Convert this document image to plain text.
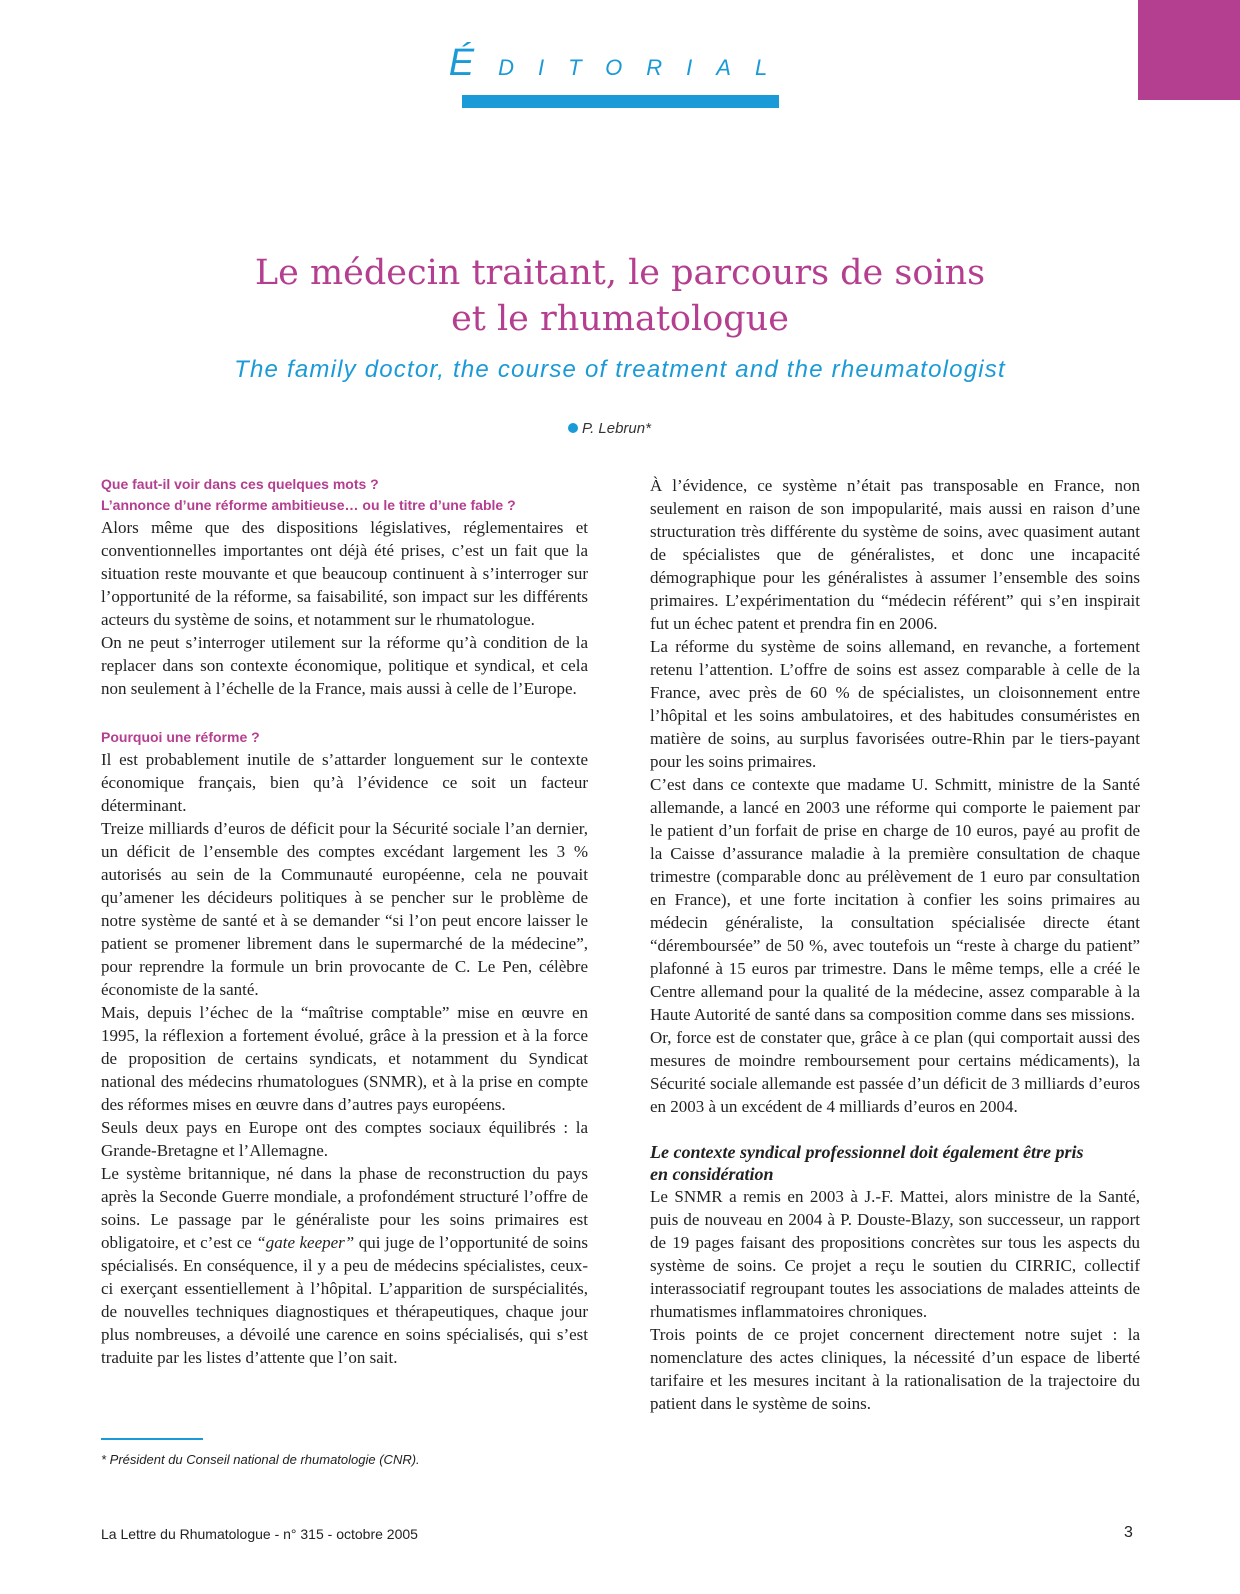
É DITORIAL
Le médecin traitant, le parcours de soins
et le rhumatologue
The family doctor, the course of treatment and the rheumatologist
P. Lebrun*
Que faut-il voir dans ces quelques mots ?
L’annonce d’une réforme ambitieuse… ou le titre d’une fable ?

Alors même que des dispositions législatives, réglementaires et conventionnelles importantes ont déjà été prises, c’est un fait que la situation reste mouvante et que beaucoup continuent à s’interroger sur l’opportunité de la réforme, sa faisabilité, son impact sur les différents acteurs du système de soins, et notamment sur le rhumatologue.

On ne peut s’interroger utilement sur la réforme qu’à condition de la replacer dans son contexte économique, politique et syndical, et cela non seulement à l’échelle de la France, mais aussi à celle de l’Europe.

Pourquoi une réforme ?

Il est probablement inutile de s’attarder longuement sur le contexte économique français, bien qu’à l’évidence ce soit un facteur déterminant.

Treize milliards d’euros de déficit pour la Sécurité sociale l’an dernier, un déficit de l’ensemble des comptes excédant largement les 3 % autorisés au sein de la Communauté européenne, cela ne pouvait qu’amener les décideurs politiques à se pencher sur le problème de notre système de santé et à se demander “si l’on peut encore laisser le patient se promener librement dans le supermarché de la médecine”, pour reprendre la formule un brin provocante de C. Le Pen, célèbre économiste de la santé.

Mais, depuis l’échec de la “maîtrise comptable” mise en œuvre en 1995, la réflexion a fortement évolué, grâce à la pression et à la force de proposition de certains syndicats, et notamment du Syndicat national des médecins rhumatologues (SNMR), et à la prise en compte des réformes mises en œuvre dans d’autres pays européens.

Seuls deux pays en Europe ont des comptes sociaux équilibrés : la Grande-Bretagne et l’Allemagne.

Le système britannique, né dans la phase de reconstruction du pays après la Seconde Guerre mondiale, a profondément structuré l’offre de soins. Le passage par le généraliste pour les soins primaires est obligatoire, et c’est ce “gate keeper” qui juge de l’opportunité de soins spécialisés. En conséquence, il y a peu de médecins spécialistes, ceux-ci exerçant essentiellement à l’hôpital. L’apparition de surspécialités, de nouvelles techniques diagnostiques et thérapeutiques, chaque jour plus nombreuses, a dévoilé une carence en soins spécialisés, qui s’est traduite par les listes d’attente que l’on sait.

À l’évidence, ce système n’était pas transposable en France, non seulement en raison de son impopularité, mais aussi en raison d’une structuration très différente du système de soins, avec quasiment autant de spécialistes que de généralistes, et donc une incapacité démographique pour les généralistes à assumer l’ensemble des soins primaires. L’expérimentation du “médecin référent” qui s’en inspirait fut un échec patent et prendra fin en 2006.

La réforme du système de soins allemand, en revanche, a fortement retenu l’attention. L’offre de soins est assez comparable à celle de la France, avec près de 60 % de spécialistes, un cloisonnement entre l’hôpital et les soins ambulatoires, et des habitudes consuméristes en matière de soins, au surplus favorisées outre-Rhin par le tiers-payant pour les soins primaires.

C’est dans ce contexte que madame U. Schmitt, ministre de la Santé allemande, a lancé en 2003 une réforme qui comporte le paiement par le patient d’un forfait de prise en charge de 10 euros, payé au profit de la Caisse d’assurance maladie à la première consultation de chaque trimestre (comparable donc au prélèvement de 1 euro par consultation en France), et une forte incitation à confier les soins primaires au médecin généraliste, la consultation spécialisée directe étant “déremboursée” de 50 %, avec toutefois un “reste à charge du patient” plafonné à 15 euros par trimestre. Dans le même temps, elle a créé le Centre allemand pour la qualité de la médecine, assez comparable à la Haute Autorité de santé dans sa composition comme dans ses missions.

Or, force est de constater que, grâce à ce plan (qui comportait aussi des mesures de moindre remboursement pour certains médicaments), la Sécurité sociale allemande est passée d’un déficit de 3 milliards d’euros en 2003 à un excédent de 4 milliards d’euros en 2004.

Le contexte syndical professionnel doit également être pris
en considération

Le SNMR a remis en 2003 à J.-F. Mattei, alors ministre de la Santé, puis de nouveau en 2004 à P. Douste-Blazy, son successeur, un rapport de 19 pages faisant des propositions concrètes sur tous les aspects du système de soins. Ce projet a reçu le soutien du CIRRIC, collectif interassociatif regroupant toutes les associations de malades atteints de rhumatismes inflammatoires chroniques.

Trois points de ce projet concernent directement notre sujet : la nomenclature des actes cliniques, la nécessité d’un espace de liberté tarifaire et les mesures incitant à la rationalisation de la trajectoire du patient dans le système de soins.

* Président du Conseil national de rhumatologie (CNR).
La Lettre du Rhumatologue - n° 315 - octobre 2005	3
